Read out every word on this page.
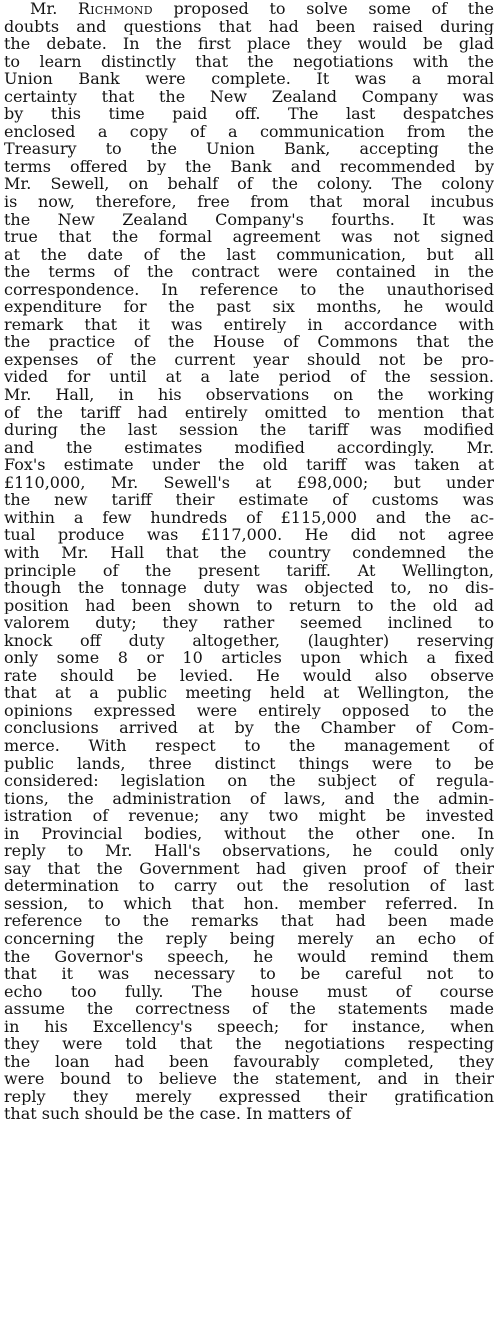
Mr. Richmond proposed to solve some of the
doubts and questions that had been raised during
the debate. In the first place they would be glad
to learn distinctly that the negotiations with the
Union Bank were complete. It was a moral
certainty that the New Zealand Company was
by this time paid off. The last despatches
enclosed a copy of a communication from the
Treasury to the Union Bank, accepting the
terms offered by the Bank and recommended by
Mr. Sewell, on behalf of the colony. The colony
is now, therefore, free from that moral incubus
the New Zealand Company's fourths. It was
true that the formal agreement was not signed
at the date of the last communication, but all
the terms of the contract were contained in the
correspondence. In reference to the unauthorised
expenditure for the past six months, he would
remark that it was entirely in accordance with
the practice of the House of Commons that the
expenses of the current year should not be pro-
vided for until at a late period of the session.
Mr. Hall, in his observations on the working
of the tariff had entirely omitted to mention that
during the last session the tariff was modified
and the estimates modified accordingly. Mr.
Fox's estimate under the old tariff was taken at
£110,000, Mr. Sewell's at £98,000; but under
the new tariff their estimate of customs was
within a few hundreds of £115,000 and the ac-
tual produce was £117,000. He did not agree
with Mr. Hall that the country condemned the
principle of the present tariff. At Wellington,
though the tonnage duty was objected to, no dis-
position had been shown to return to the old ad
valorem duty; they rather seemed inclined to
knock off duty altogether, (laughter) reserving
only some 8 or 10 articles upon which a fixed
rate should be levied. He would also observe
that at a public meeting held at Wellington, the
opinions expressed were entirely opposed to the
conclusions arrived at by the Chamber of Com-
merce. With respect to the management of
public lands, three distinct things were to be
considered: legislation on the subject of regula-
tions, the administration of laws, and the admin-
istration of revenue; any two might be invested
in Provincial bodies, without the other one. In
reply to Mr. Hall's observations, he could only
say that the Government had given proof of their
determination to carry out the resolution of last
session, to which that hon. member referred. In
reference to the remarks that had been made
concerning the reply being merely an echo of
the Governor's speech, he would remind them
that it was necessary to be careful not to
echo too fully. The house must of course
assume the correctness of the statements made
in his Excellency's speech; for instance, when
they were told that the negotiations respecting
the loan had been favourably completed, they
were bound to believe the statement, and in their
reply they merely expressed their gratification
that such should be the case. In matters of
